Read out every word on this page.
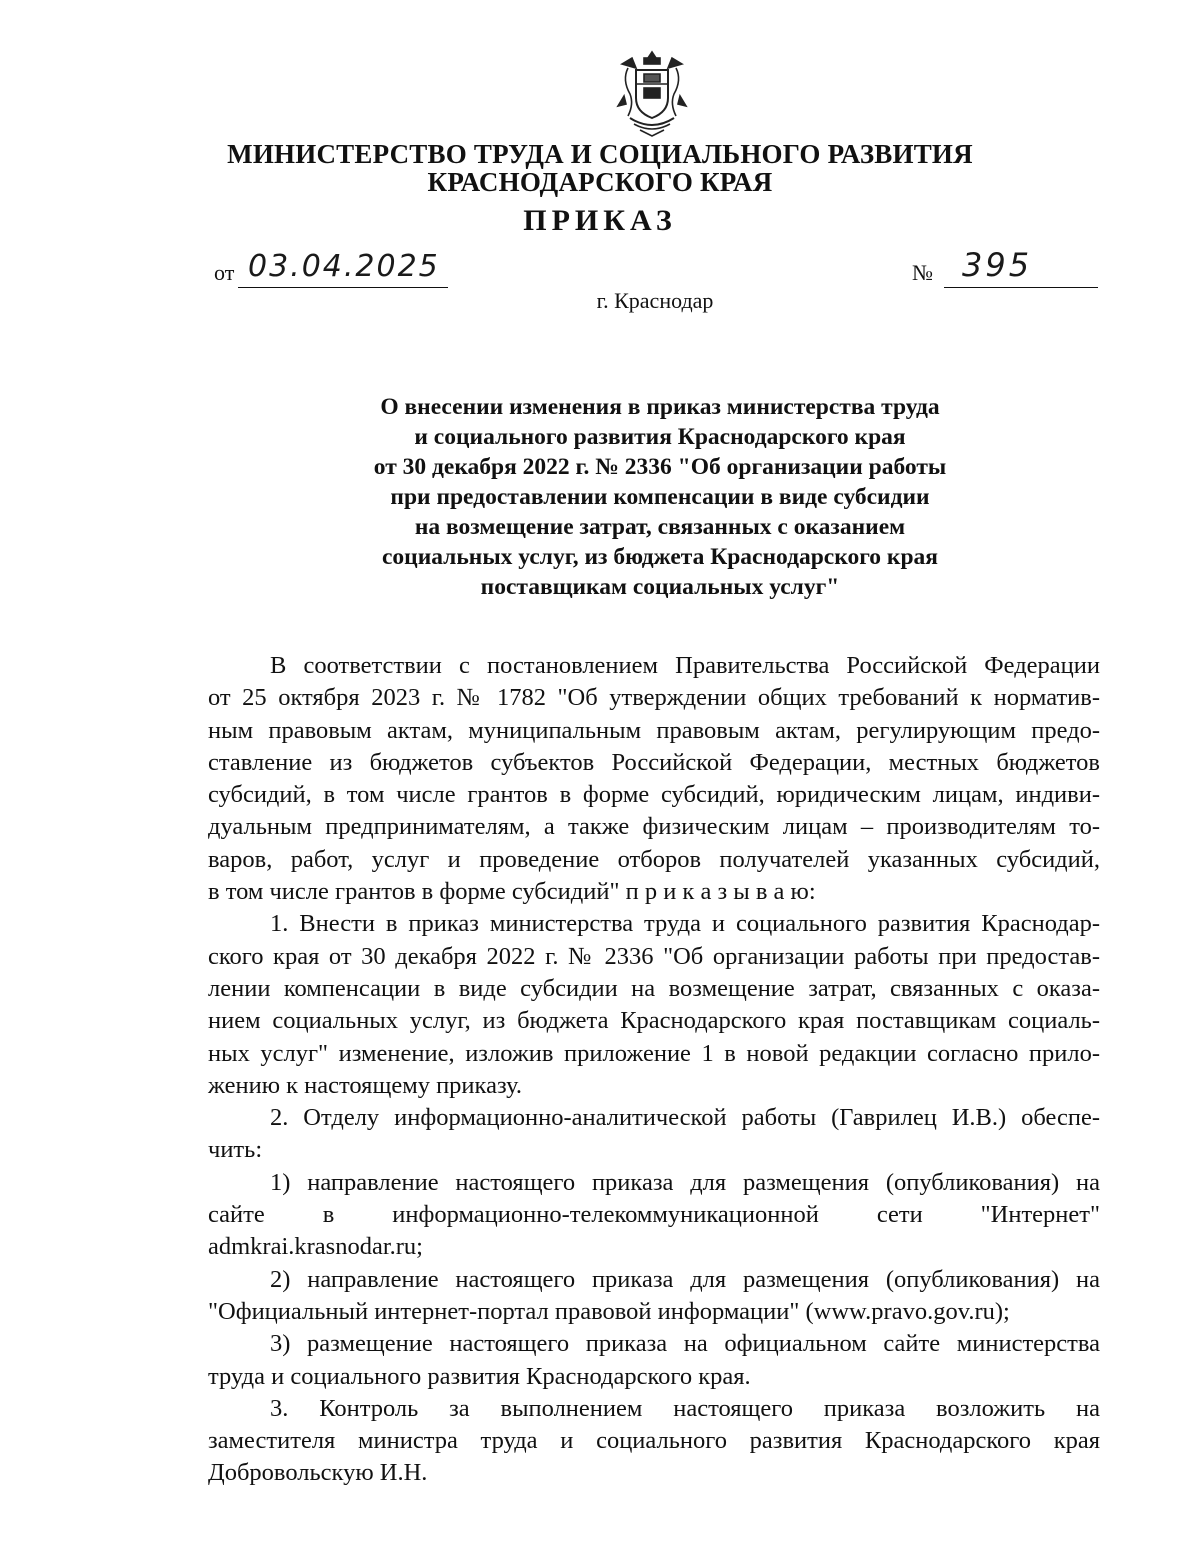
МИНИСТЕРСТВО ТРУДА И СОЦИАЛЬНОГО РАЗВИТИЯ
КРАСНОДАРСКОГО КРАЯ
ПРИКАЗ
от 03.04.2025	№ 395
г. Краснодар
О внесении изменения в приказ министерства труда
и социального развития Краснодарского края
от 30 декабря 2022 г. № 2336 "Об организации работы
при предоставлении компенсации в виде субсидии
на возмещение затрат, связанных с оказанием
социальных услуг, из бюджета Краснодарского края
поставщикам социальных услуг"
В соответствии с постановлением Правительства Российской Федерации
от 25 октября 2023 г. № 1782 "Об утверждении общих требований к норматив-
ным правовым актам, муниципальным правовым актам, регулирующим предо-
ставление из бюджетов субъектов Российской Федерации, местных бюджетов
субсидий, в том числе грантов в форме субсидий, юридическим лицам, индиви-
дуальным предпринимателям, а также физическим лицам – производителям то-
варов, работ, услуг и проведение отборов получателей указанных субсидий,
в том числе грантов в форме субсидий" п р и к а з ы в а ю:
1. Внести в приказ министерства труда и социального развития Краснодар-
ского края от 30 декабря 2022 г. № 2336 "Об организации работы при предостав-
лении компенсации в виде субсидии на возмещение затрат, связанных с оказа-
нием социальных услуг, из бюджета Краснодарского края поставщикам социаль-
ных услуг" изменение, изложив приложение 1 в новой редакции согласно прило-
жению к настоящему приказу.
2. Отделу информационно-аналитической работы (Гаврилец И.В.) обеспе-
чить:
1) направление настоящего приказа для размещения (опубликования) на
сайте в информационно-телекоммуникационной сети "Интернет"
admkrai.krasnodar.ru;
2) направление настоящего приказа для размещения (опубликования) на
"Официальный интернет-портал правовой информации" (www.pravo.gov.ru);
3) размещение настоящего приказа на официальном сайте министерства
труда и социального развития Краснодарского края.
3. Контроль за выполнением настоящего приказа возложить на
заместителя министра труда и социального развития Краснодарского края
Добровольскую И.Н.
